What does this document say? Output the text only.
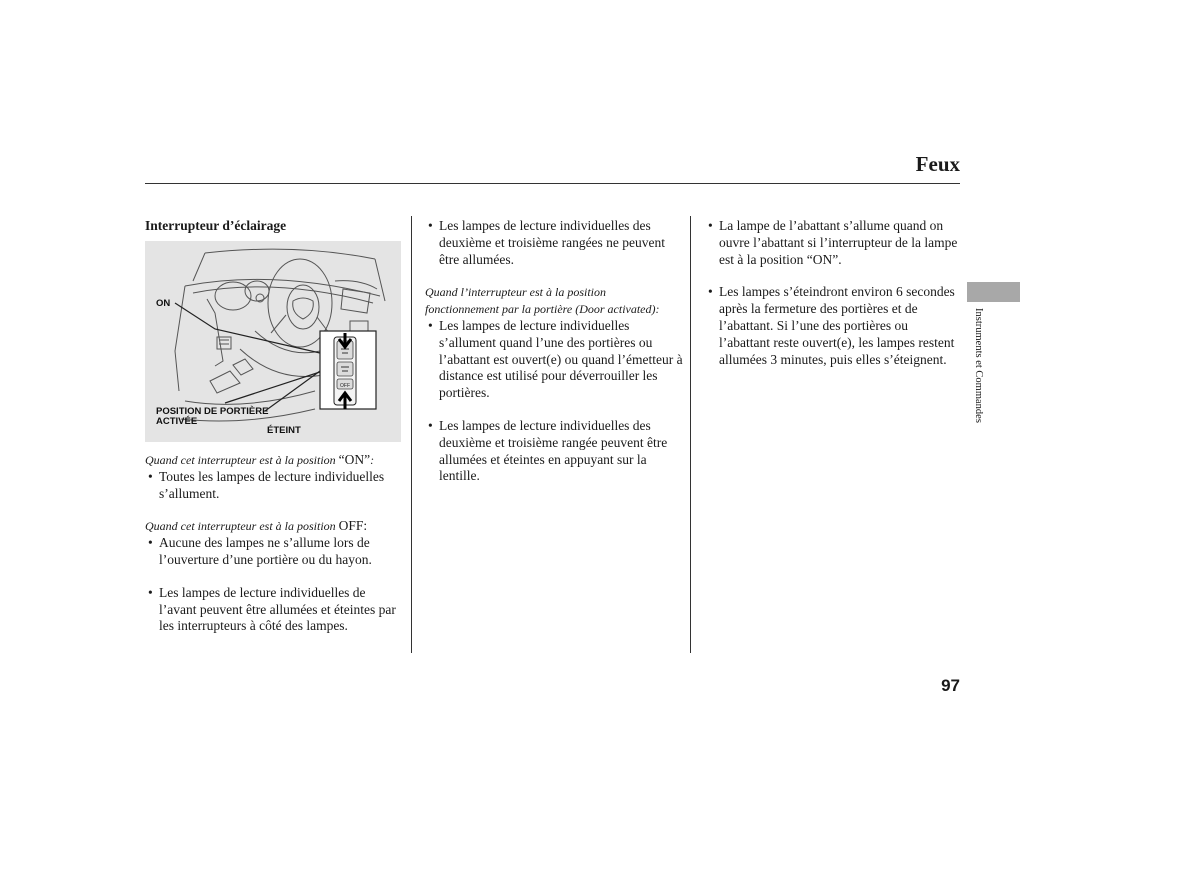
Feux
Interrupteur d’éclairage
OFF
ON
POSITION DE PORTIÈRE
ACTIVÉE
ÉTEINT

Quand cet interrupteur est à la position “ON”:

• Toutes les lampes de lecture individuelles s’allument.

Quand cet interrupteur est à la position OFF:

• Aucune des lampes ne s’allume lors de l’ouverture d’une portière ou du hayon.

• Les lampes de lecture individuelles de l’avant peuvent être allumées et éteintes par les interrupteurs à côté des lampes.

• Les lampes de lecture individuelles des deuxième et troisième rangées ne peuvent être allumées.

Quand l’interrupteur est à la position
fonctionnement par la portière (Door activated):

• Les lampes de lecture individuelles s’allument quand l’une des portières ou l’abattant est ouvert(e) ou quand l’émetteur à distance est utilisé pour déverrouiller les portières.

• Les lampes de lecture individuelles des deuxième et troisième rangée peuvent être allumées et éteintes en appuyant sur la lentille.

• La lampe de l’abattant s’allume quand on ouvre l’abattant si l’interrupteur de la lampe est à la position “ON”.

• Les lampes s’éteindront environ 6 secondes après la fermeture des portières et de l’abattant. Si l’une des portières ou l’abattant reste ouvert(e), les lampes restent allumées 3 minutes, puis elles s’éteignent.	Instruments et Commandes
97
